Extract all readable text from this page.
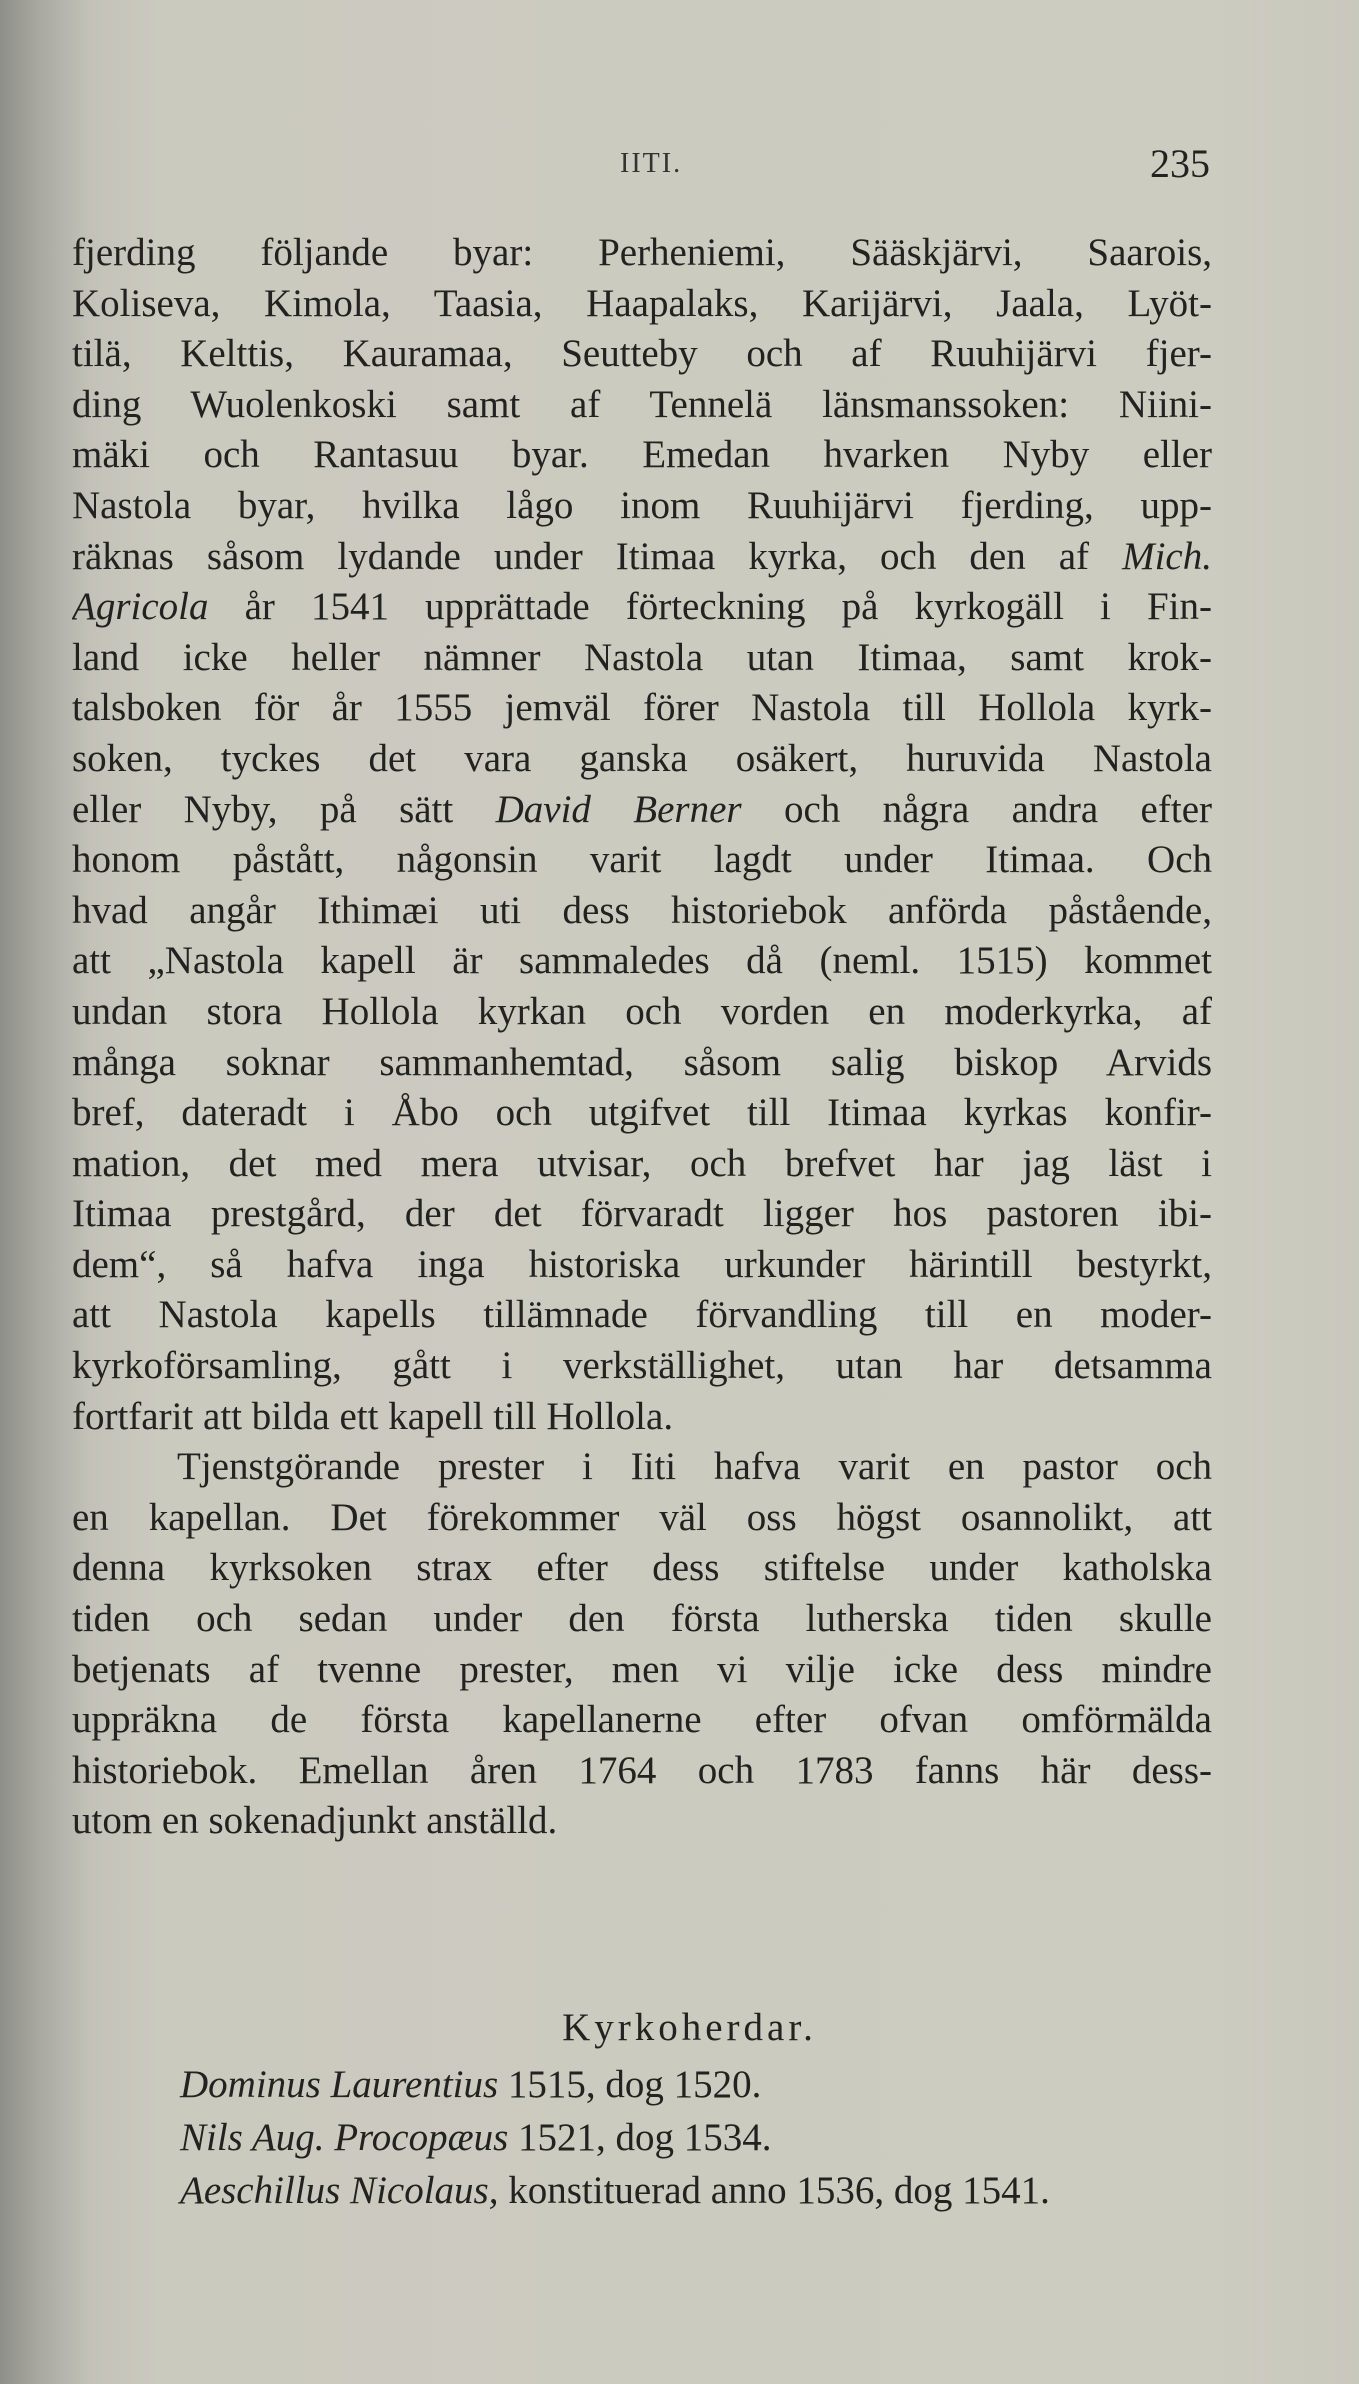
IITI.	235
fjerding följande byar: Perheniemi, Sääskjärvi, Saarois,
Koliseva, Kimola, Taasia, Haapalaks, Karijärvi, Jaala, Lyöt-
tilä, Kelttis, Kauramaa, Seutteby och af Ruuhijärvi fjer-
ding Wuolenkoski samt af Tennelä länsmanssoken: Niini-
mäki och Rantasuu byar. Emedan hvarken Nyby eller
Nastola byar, hvilka lågo inom Ruuhijärvi fjerding, upp-
räknas såsom lydande under Itimaa kyrka, och den af Mich.
Agricola år 1541 upprättade förteckning på kyrkogäll i Fin-
land icke heller nämner Nastola utan Itimaa, samt krok-
talsboken för år 1555 jemväl förer Nastola till Hollola kyrk-
soken, tyckes det vara ganska osäkert, huruvida Nastola
eller Nyby, på sätt David Berner och några andra efter
honom påstått, någonsin varit lagdt under Itimaa. Och
hvad angår Ithimæi uti dess historiebok anförda påstående,
att „Nastola kapell är sammaledes då (neml. 1515) kommet
undan stora Hollola kyrkan och vorden en moderkyrka, af
många soknar sammanhemtad, såsom salig biskop Arvids
bref, dateradt i Åbo och utgifvet till Itimaa kyrkas konfir-
mation, det med mera utvisar, och brefvet har jag läst i
Itimaa prestgård, der det förvaradt ligger hos pastoren ibi-
dem“, så hafva inga historiska urkunder härintill bestyrkt,
att Nastola kapells tillämnade förvandling till en moder-
kyrkoförsamling, gått i verkställighet, utan har detsamma
fortfarit att bilda ett kapell till Hollola.
Tjenstgörande prester i Iiti hafva varit en pastor och
en kapellan. Det förekommer väl oss högst osannolikt, att
denna kyrksoken strax efter dess stiftelse under katholska
tiden och sedan under den första lutherska tiden skulle
betjenats af tvenne prester, men vi vilje icke dess mindre
uppräkna de första kapellanerne efter ofvan omförmälda
historiebok. Emellan åren 1764 och 1783 fanns här dess-
utom en sokenadjunkt anställd.
Kyrkoherdar.
Dominus Laurentius 1515, dog 1520.
Nils Aug. Procopæus 1521, dog 1534.
Aeschillus Nicolaus, konstituerad anno 1536, dog 1541.
